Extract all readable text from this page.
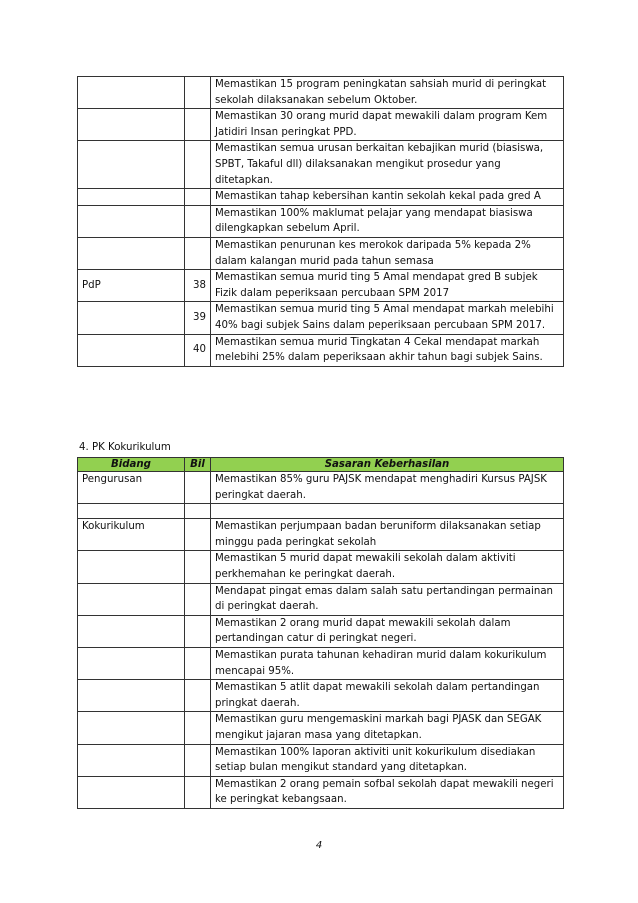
		Memastikan 15 program peningkatan sahsiah murid di peringkat sekolah dilaksanakan sebelum Oktober.
		Memastikan 30 orang murid dapat mewakili dalam program Kem Jatidiri Insan peringkat PPD.
		Memastikan semua urusan berkaitan kebajikan murid (biasiswa, SPBT, Takaful dll) dilaksanakan mengikut prosedur yang ditetapkan.
		Memastikan tahap kebersihan kantin sekolah kekal pada gred A
		Memastikan 100% maklumat pelajar yang mendapat biasiswa dilengkapkan sebelum April.
		Memastikan penurunan kes merokok daripada 5% kepada 2% dalam kalangan murid pada tahun semasa
PdP	38	Memastikan semua murid ting 5 Amal mendapat gred B subjek Fizik dalam peperiksaan percubaan SPM 2017
	39	Memastikan semua murid ting 5 Amal mendapat markah melebihi 40% bagi subjek Sains dalam peperiksaan percubaan SPM 2017.
	40	Memastikan semua murid Tingkatan 4 Cekal mendapat markah melebihi 25% dalam peperiksaan akhir tahun bagi subjek Sains.
4. PK Kokurikulum
Bidang	Bil	Sasaran Keberhasilan
Pengurusan		Memastikan 85% guru PAJSK mendapat menghadiri Kursus PAJSK peringkat daerah.

Kokurikulum		Memastikan perjumpaan badan beruniform dilaksanakan setiap minggu pada peringkat sekolah
		Memastikan 5 murid dapat mewakili sekolah dalam aktiviti perkhemahan ke peringkat daerah.
		Mendapat pingat emas dalam salah satu pertandingan permainan di peringkat daerah.
		Memastikan 2 orang murid dapat mewakili sekolah dalam pertandingan catur di peringkat negeri.
		Memastikan purata tahunan kehadiran murid dalam kokurikulum mencapai 95%.
		Memastikan 5 atlit dapat mewakili sekolah dalam pertandingan pringkat daerah.
		Memastikan guru mengemaskini markah bagi PJASK dan SEGAK mengikut jajaran masa yang ditetapkan.
		Memastikan 100% laporan aktiviti unit kokurikulum disediakan setiap bulan mengikut standard yang ditetapkan.
		Memastikan 2 orang pemain sofbal sekolah dapat mewakili negeri ke peringkat kebangsaan.
4
